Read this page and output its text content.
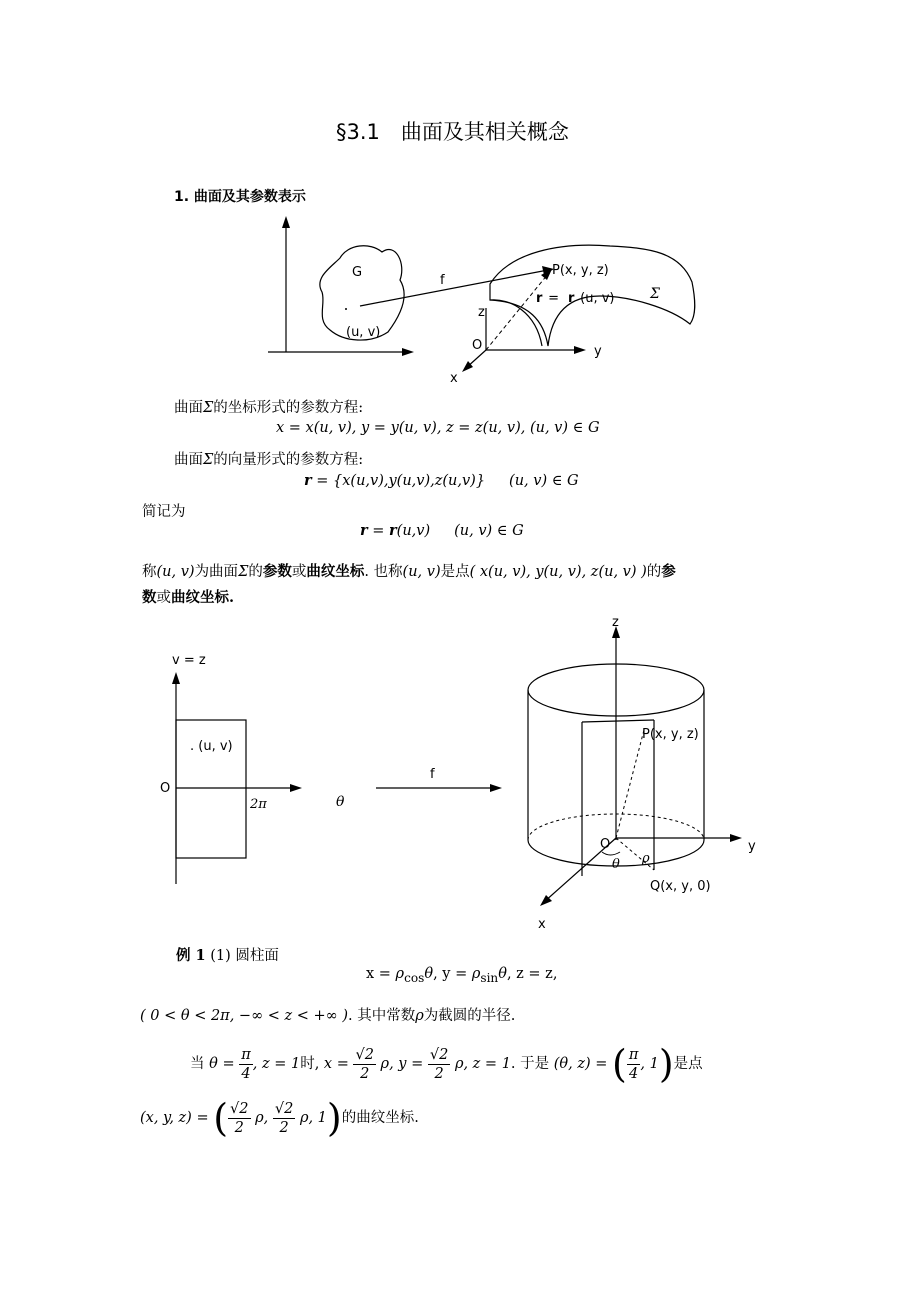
§3.1　曲面及其相关概念
1. 曲面及其参数表示
G
(u, v)
f
Σ
z
y
x
O
P(x, y, z)
r = r (u, v)
曲面Σ的坐标形式的参数方程:
x = x(u, v), y = y(u, v), z = z(u, v), (u, v) ∈ G
曲面Σ的向量形式的参数方程:
r = {x(u,v),y(u,v),z(u,v)} (u, v) ∈ G
简记为
r = r(u,v) (u, v) ∈ G
称(u, v)为曲面Σ的参数或曲纹坐标. 也称(u, v)是点( x(u, v), y(u, v), z(u, v) )的参
数或曲纹坐标.
v = z
. (u, v)
O
2π	θ
f
z
y
x
O
P(x, y, z)
θ ρ
Q(x, y, 0)
例 1 (1) 圆柱面
$x = \rho_{cos}\theta$, $y = \rho_{sin}\theta$, z = z,
( 0 < θ < 2π, −∞ < z < +∞ ). 其中常数ρ为截圆的半径.
当 $\theta = \frac{\pi}{4}$ , z = 1时, $x = \frac{√2}{2} \rho$, $y = \frac{√2}{2} \rho$, z = 1. 于是 (θ, z) = ( $\frac{\pi}{4}$ , 1)是点
(x, y, z) = ( $\frac{√2}{2} \rho$, $\frac{√2}{2} \rho$, 1)的曲纹坐标.
